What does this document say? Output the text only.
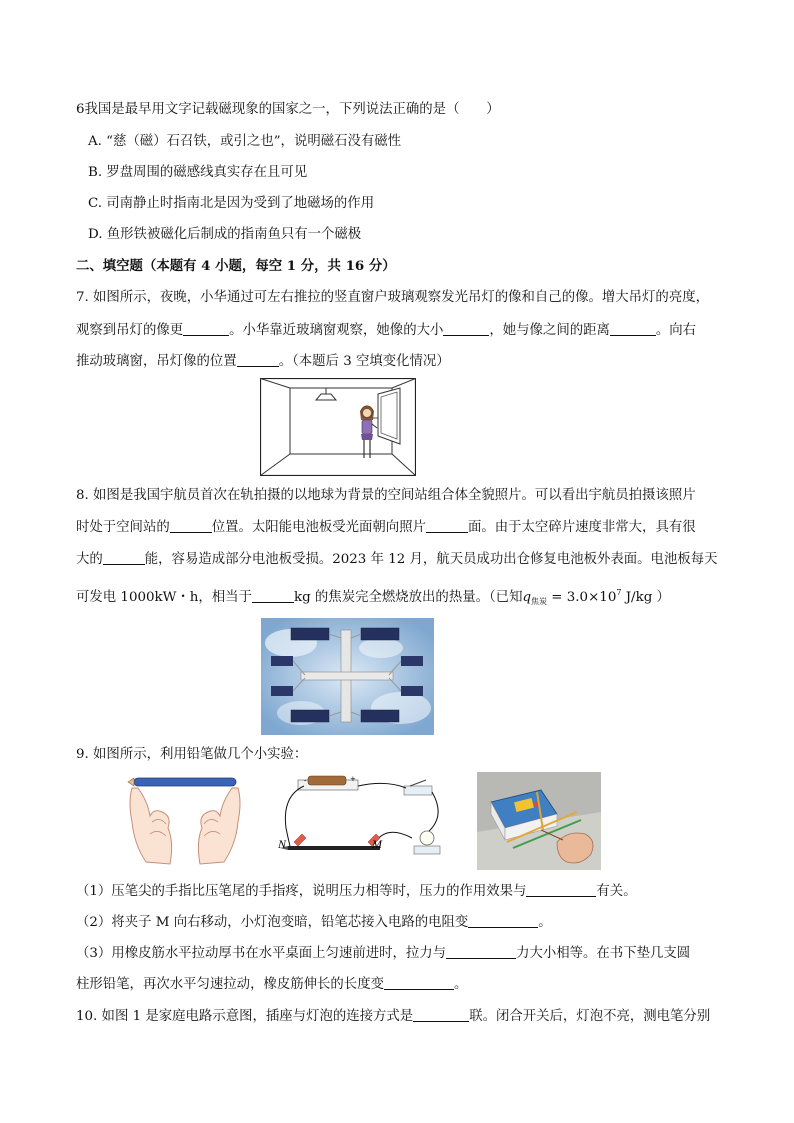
6我国是最早用文字记载磁现象的国家之一，下列说法正确的是（　　）
A. “慈（磁）石召铁，或引之也”，说明磁石没有磁性
B. 罗盘周围的磁感线真实存在且可见
C. 司南静止时指南北是因为受到了地磁场的作用
D. 鱼形铁被磁化后制成的指南鱼只有一个磁极
二、填空题（本题有 4 小题，每空 1 分，共 16 分）
7. 如图所示，夜晚，小华通过可左右推拉的竖直窗户玻璃观察发光吊灯的像和自己的像。增大吊灯的亮度，
观察到吊灯的像更	。小华靠近玻璃窗观察，她像的大小	，她与像之间的距离	。向右
推动玻璃窗，吊灯像的位置	。（本题后 3 空填变化情况）
8. 如图是我国宇航员首次在轨拍摄的以地球为背景的空间站组合体全貌照片。可以看出宇航员拍摄该照片
时处于空间站的	位置。太阳能电池板受光面朝向照片	面。由于太空碎片速度非常大，具有很
大的	能，容易造成部分电池板受损。2023 年 12 月，航天员成功出仓修复电池板外表面。电池板每天
可发电 1000kW・h，相当于	kg 的焦炭完全燃烧放出的热量。（已知$q_{焦炭} = 3.0\times 10^7$ J/kg ）
9. 如图所示，利用铅笔做几个小实验：
-	+
N	M
（1）压笔尖的手指比压笔尾的手指疼，说明压力相等时，压力的作用效果与	有关。
（2）将夹子 M 向右移动，小灯泡变暗，铅笔芯接入电路的电阻变	。
（3）用橡皮筋水平拉动厚书在水平桌面上匀速前进时，拉力与	力大小相等。在书下垫几支圆
柱形铅笔，再次水平匀速拉动，橡皮筋伸长的长度变	。
10. 如图 1 是家庭电路示意图，插座与灯泡的连接方式是	联。闭合开关后，灯泡不亮，测电笔分别
